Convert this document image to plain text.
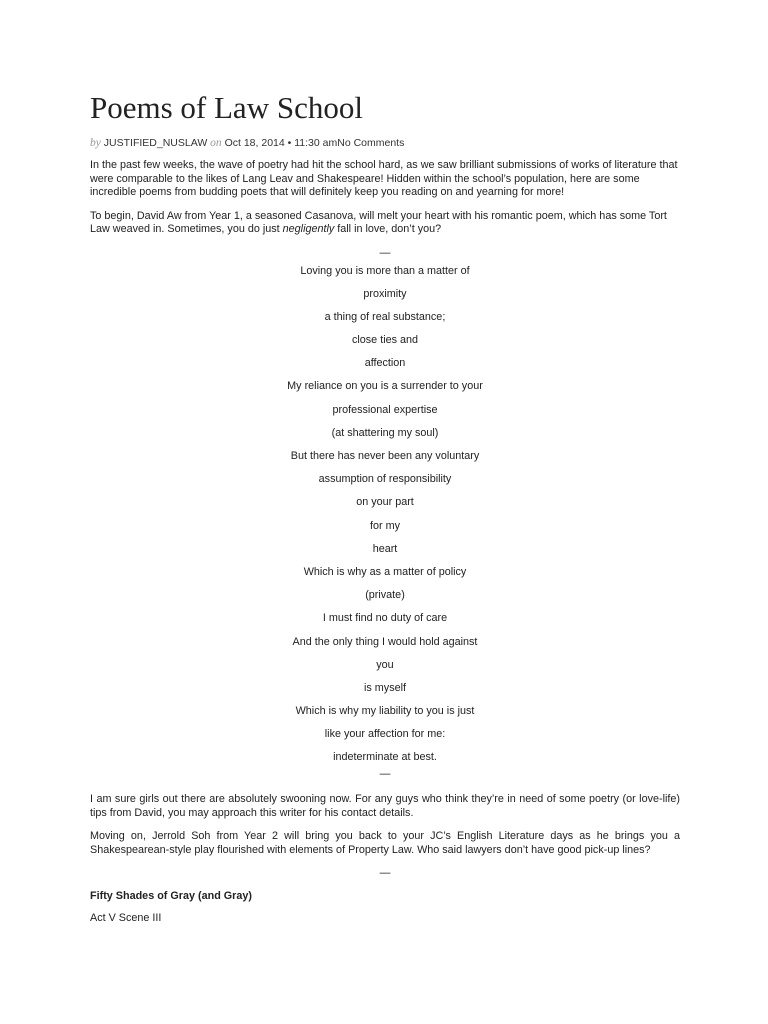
Poems of Law School
by JUSTIFIED_NUSLAW on Oct 18, 2014 • 11:30 amNo Comments

In the past few weeks, the wave of poetry had hit the school hard, as we saw brilliant submissions of works of literature that were comparable to the likes of Lang Leav and Shakespeare! Hidden within the school’s population, here are some incredible poems from budding poets that will definitely keep you reading on and yearning for more!

To begin, David Aw from Year 1, a seasoned Casanova, will melt your heart with his romantic poem, which has some Tort Law weaved in. Sometimes, you do just negligently fall in love, don’t you?

—
Loving you is more than a matter of
proximity
a thing of real substance;
close ties and
affection
My reliance on you is a surrender to your
professional expertise
(at shattering my soul)
But there has never been any voluntary
assumption of responsibility
on your part
for my
heart
Which is why as a matter of policy
(private)
I must find no duty of care
And the only thing I would hold against
you
is myself
Which is why my liability to you is just
like your affection for me:
indeterminate at best.
—

I am sure girls out there are absolutely swooning now. For any guys who think they’re in need of some poetry (or love-life) tips from David, you may approach this writer for his contact details.

Moving on, Jerrold Soh from Year 2 will bring you back to your JC’s English Literature days as he brings you a Shakespearean-style play flourished with elements of Property Law. Who said lawyers don’t have good pick-up lines?

—
Fifty Shades of Gray (and Gray)
Act V Scene III
